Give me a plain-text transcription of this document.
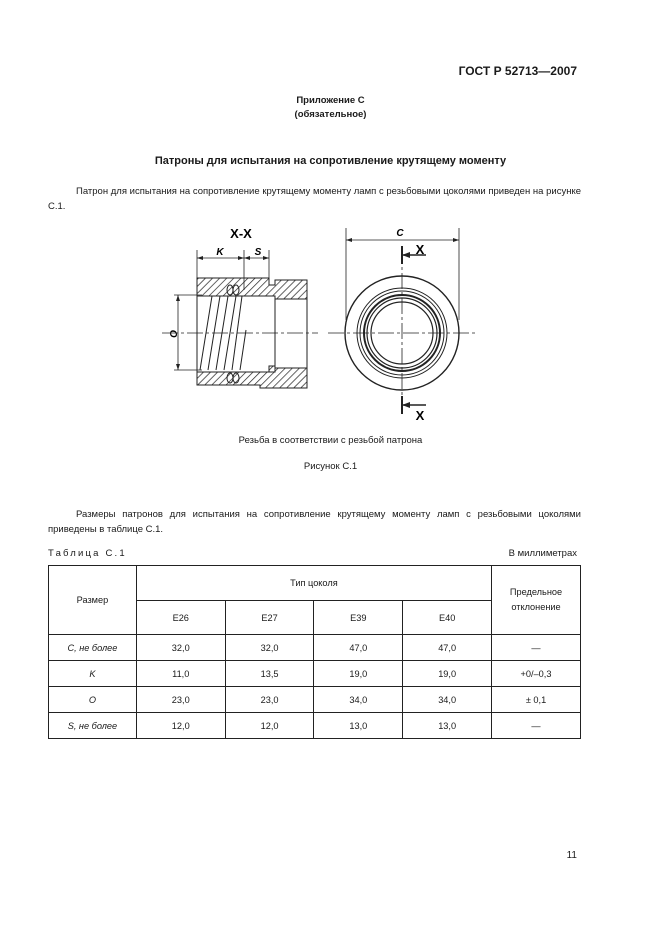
ГОСТ Р 52713—2007
Приложение С
(обязательное)
Патроны для испытания на сопротивление крутящему моменту
Патрон для испытания на сопротивление крутящему моменту ламп с резьбовыми цоколями приведен на рисунке С.1.
X-X
K	S
O
C
X
X
Резьба в соответствии с резьбой патрона
Рисунок С.1
Размеры патронов для испытания на сопротивление крутящему моменту ламп с резьбовыми цоколями приведены в таблице С.1.
Таблица С.1	В миллиметрах
Размер	Тип цоколя				Предельное отклонение
	E26	E27	E39	E40	
C, не более	32,0	32,0	47,0	47,0	—
K	11,0	13,5	19,0	19,0	+0/–0,3
O	23,0	23,0	34,0	34,0	± 0,1
S, не более	12,0	12,0	13,0	13,0	—
11
